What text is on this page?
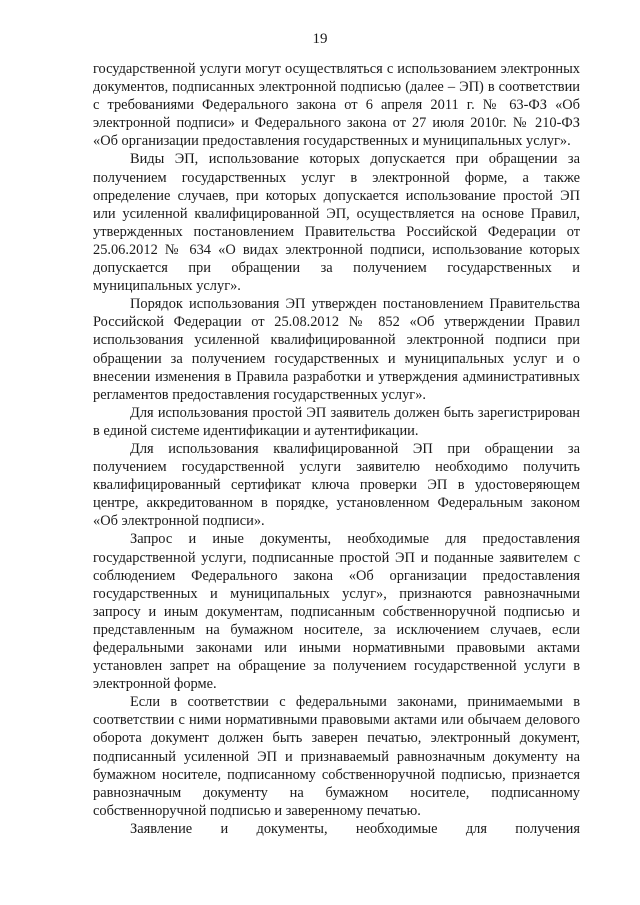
19

государственной услуги могут осуществляться с использованием электронных документов, подписанных электронной подписью (далее – ЭП) в соответствии с требованиями Федерального закона от 6 апреля 2011 г. № 63-ФЗ «Об электронной подписи» и Федерального закона от 27 июля 2010г. № 210-ФЗ «Об организации предоставления государственных и муниципальных услуг».

Виды ЭП, использование которых допускается при обращении за получением государственных услуг в электронной форме, а также определение случаев, при которых допускается использование простой ЭП или усиленной квалифицированной ЭП, осуществляется на основе Правил, утвержденных постановлением Правительства Российской Федерации от 25.06.2012 № 634 «О видах электронной подписи, использование которых допускается при обращении за получением государственных и муниципальных услуг».

Порядок использования ЭП утвержден постановлением Правительства Российской Федерации от 25.08.2012 № 852 «Об утверждении Правил использования усиленной квалифицированной электронной подписи при обращении за получением государственных и муниципальных услуг и о внесении изменения в Правила разработки и утверждения административных регламентов предоставления государственных услуг».

Для использования простой ЭП заявитель должен быть зарегистрирован в единой системе идентификации и аутентификации.

Для использования квалифицированной ЭП при обращении за получением государственной услуги заявителю необходимо получить квалифицированный сертификат ключа проверки ЭП в удостоверяющем центре, аккредитованном в порядке, установленном Федеральным законом «Об электронной подписи».

Запрос и иные документы, необходимые для предоставления государственной услуги, подписанные простой ЭП и поданные заявителем с соблюдением Федерального закона «Об организации предоставления государственных и муниципальных услуг», признаются равнозначными запросу и иным документам, подписанным собственноручной подписью и представленным на бумажном носителе, за исключением случаев, если федеральными законами или иными нормативными правовыми актами установлен запрет на обращение за получением государственной услуги в электронной форме.

Если в соответствии с федеральными законами, принимаемыми в соответствии с ними нормативными правовыми актами или обычаем делового оборота документ должен быть заверен печатью, электронный документ, подписанный усиленной ЭП и признаваемый равнозначным документу на бумажном носителе, подписанному собственноручной подписью, признается равнозначным документу на бумажном носителе, подписанному собственноручной подписью и заверенному печатью.

Заявление и документы, необходимые для получения
